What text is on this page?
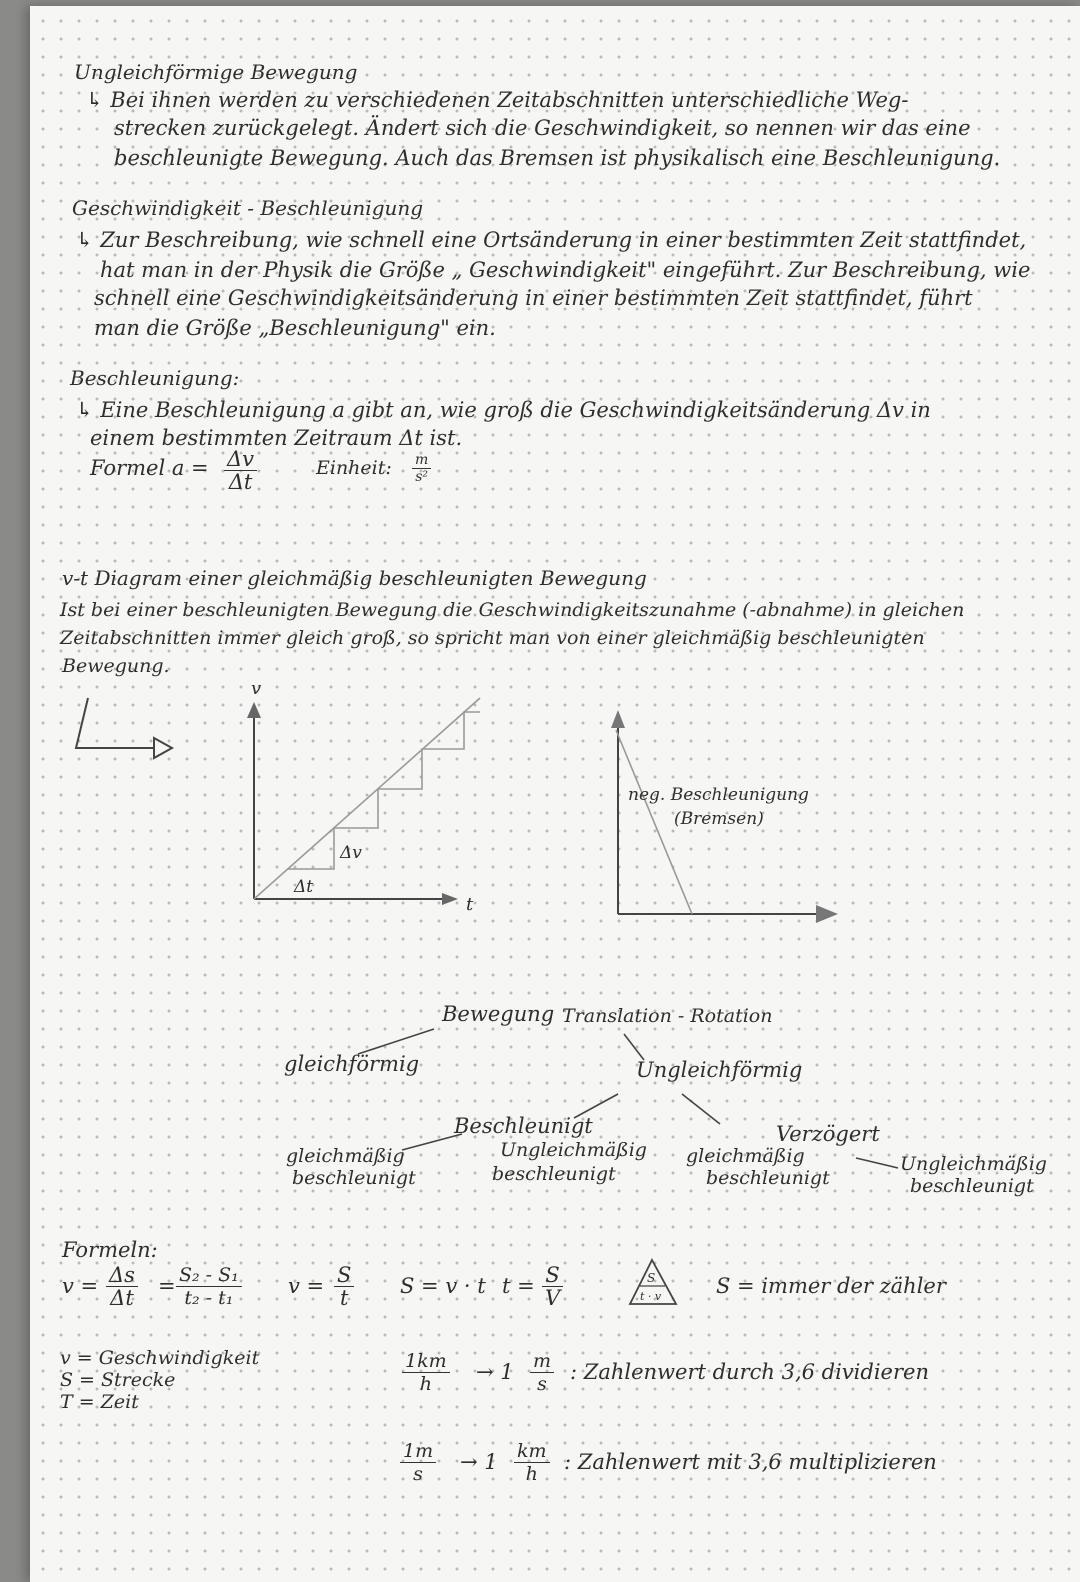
Ungleichförmige Bewegung
↳ Bei ihnen werden zu verschiedenen Zeitabschnitten unterschiedliche Weg-
strecken zurückgelegt. Ändert sich die Geschwindigkeit, so nennen wir das eine
beschleunigte Bewegung. Auch das Bremsen ist physikalisch eine Beschleunigung.
Geschwindigkeit - Beschleunigung
↳ Zur Beschreibung, wie schnell eine Ortsänderung in einer bestimmten Zeit stattfindet,
hat man in der Physik die Größe „ Geschwindigkeit" eingeführt. Zur Beschreibung, wie
schnell eine Geschwindigkeitsänderung in einer bestimmten Zeit stattfindet, führt
man die Größe „Beschleunigung" ein.
Beschleunigung:
↳ Eine Beschleunigung a gibt an, wie groß die Geschwindigkeitsänderung Δv in
einem bestimmten Zeitraum Δt ist.
Formel $a = \frac{\Delta v}{\Delta t}$	Einheit: $\frac{m}{\text{s²}}$
v-t Diagram einer gleichmäßig beschleunigten Bewegung
Ist bei einer beschleunigten Bewegung die Geschwindigkeitszunahme (-abnahme) in gleichen
Zeitabschnitten immer gleich groß, so spricht man von einer gleichmäßig beschleunigten
Bewegung.
v
t
Δv
Δt
neg. Beschleunigung
(Bremsen)
Bewegung Translation - Rotation
gleichförmig	Ungleichförmig
Beschleunigt	Verzögert
gleichmäßig
beschleunigt
Ungleichmäßig
beschleunigt
gleichmäßig
beschleunigt
Ungleichmäßig
beschleunigt
Formeln:
$v = \frac{\Delta s}{\Delta t} = \frac{\text{S₂ - S₁}}{\text{t₂ - t₁}}$ $v = \frac{S}{t}$ S = v · t $t = \frac{S}{V}$	S
t · v	S = immer der zähler
v = Geschwindigkeit
S = Strecke
T = Zeit
$\frac{1km}{h} \to 1 \frac{m}{s}$ : Zahlenwert durch 3,6 dividieren
$\frac{1m}{s} \to 1 \frac{km}{h}$ : Zahlenwert mit 3,6 multiplizieren
